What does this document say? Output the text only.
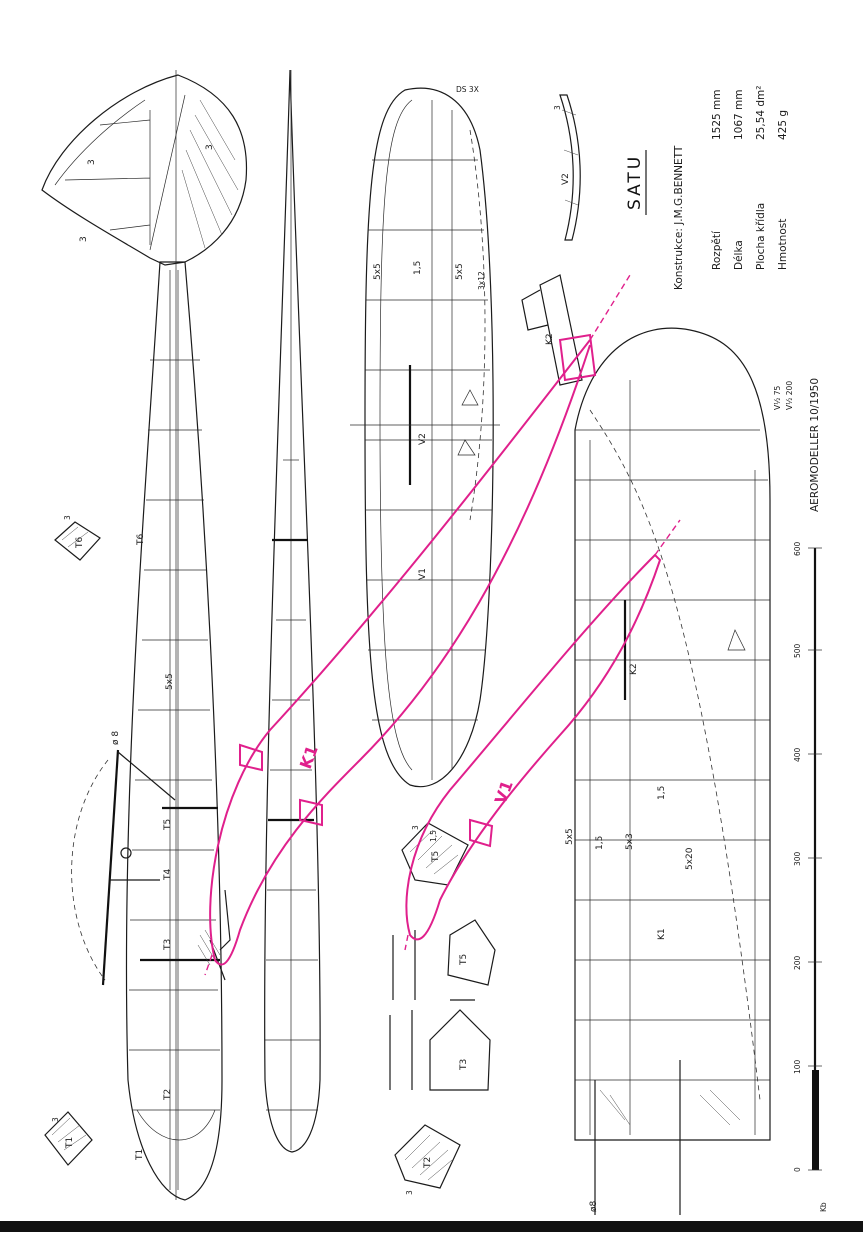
T1
T2
T3
T4
T5
T6
5x5
ø 8
3
3
3
T1
T6
T2
T5
T5
T3
3
3
3
3
1,5
5x5	5x5
1,5
V2
V1
DS 3X
3x12
V2
3
K2
V½ 75 V½ 200
5x5 1,5 5x3
1,5
5x20
K1
K2
ø8
K1
V1
SATU	Konstrukce: J.M.G.BENNETT Rozpětí
1525 mm
Délka
1067 mm
Plocha křídla
25,54 dm²
Hmotnost
425 g
AEROMODELLER 10/1950
0
100
200
300
400
500
600
Kb
